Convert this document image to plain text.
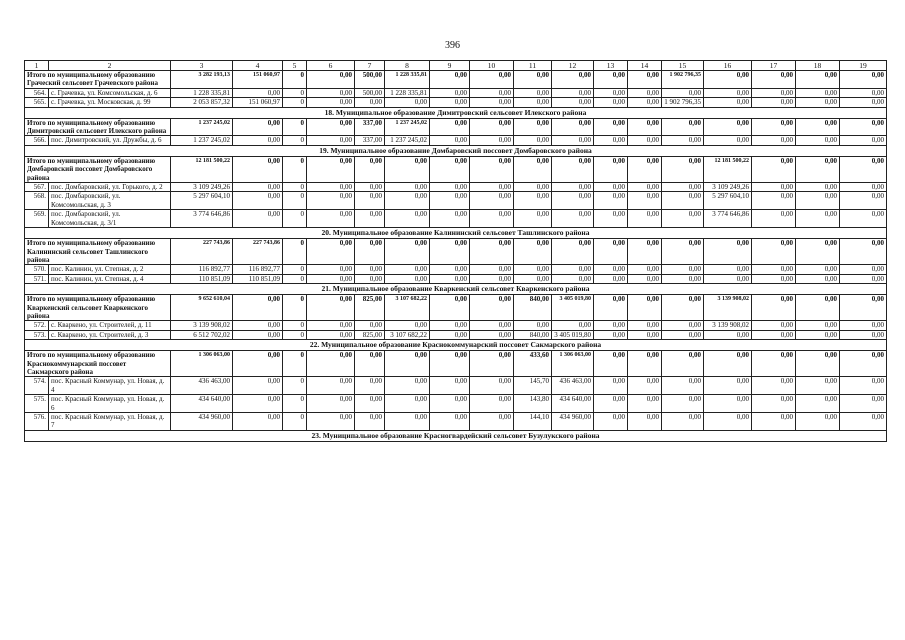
396
1	2	3	4	5	6	7	8	9	10	11	12	13	14	15	16	17	18	19
Итого по муниципальному образованию Граческий сельсовет Грачевского района		3 282 193,13	151 060,97	0	0,00	500,00	1 228 335,81	0,00	0,00	0,00	0,00	0,00	0,00	1 902 796,35	0,00	0,00	0,00	0,00
564.	с. Грачевка, ул. Комсомольская, д. 6	1 228 335,81	0,00	0	0,00	500,00	1 228 335,81	0,00	0,00	0,00	0,00	0,00	0,00	0,00	0,00	0,00	0,00	0,00
565.	с. Грачевка, ул. Московская, д. 99	2 053 857,32	151 060,97	0	0,00	0,00	0,00	0,00	0,00	0,00	0,00	0,00	0,00	1 902 796,35	0,00	0,00	0,00	0,00
18. Муниципальное образование Димитровский сельсовет Илекского района																		
Итого по муниципальному образованию Димитровский сельсовет Илекского района		1 237 245,02	0,00	0	0,00	337,00	1 237 245,02	0,00	0,00	0,00	0,00	0,00	0,00	0,00	0,00	0,00	0,00	0,00
566.	пос. Димитровский, ул. Дружбы, д. 6	1 237 245,02	0,00	0	0,00	337,00	1 237 245,02	0,00	0,00	0,00	0,00	0,00	0,00	0,00	0,00	0,00	0,00	0,00
19. Муниципальное образование Домбаровский поссовет Домбаровского района																		
Итого по муниципальному образованию Домбаровский поссовет Домбаровского района		12 181 500,22	0,00	0	0,00	0,00	0,00	0,00	0,00	0,00	0,00	0,00	0,00	0,00	12 181 500,22	0,00	0,00	0,00
567.	пос. Домбаровский, ул. Горького, д. 2	3 109 249,26	0,00	0	0,00	0,00	0,00	0,00	0,00	0,00	0,00	0,00	0,00	0,00	3 109 249,26	0,00	0,00	0,00
568.	пос. Домбаровский, ул. Комсомольская, д. 3	5 297 604,10	0,00	0	0,00	0,00	0,00	0,00	0,00	0,00	0,00	0,00	0,00	0,00	5 297 604,10	0,00	0,00	0,00
569.	пос. Домбаровский, ул. Комсомольская, д. 3/1	3 774 646,86	0,00	0	0,00	0,00	0,00	0,00	0,00	0,00	0,00	0,00	0,00	0,00	3 774 646,86	0,00	0,00	0,00
20. Муниципальное образование Калининский сельсовет Ташлинского района																		
Итого по муниципальному образованию Калининский сельсовет Ташлинского района		227 743,86	227 743,86	0	0,00	0,00	0,00	0,00	0,00	0,00	0,00	0,00	0,00	0,00	0,00	0,00	0,00	0,00
570.	пос. Калинин, ул. Степная, д. 2	116 892,77	116 892,77	0	0,00	0,00	0,00	0,00	0,00	0,00	0,00	0,00	0,00	0,00	0,00	0,00	0,00	0,00
571.	пос. Калинин, ул. Степная, д. 4	110 851,09	110 851,09	0	0,00	0,00	0,00	0,00	0,00	0,00	0,00	0,00	0,00	0,00	0,00	0,00	0,00	0,00
21. Муниципальное образование Кваркенский сельсовет Кваркенского района																		
Итого по муниципальному образованию Кваркенский сельсовет Кваркенского района		9 652 610,04	0,00	0	0,00	825,00	3 107 682,22	0,00	0,00	840,00	3 405 019,80	0,00	0,00	0,00	3 139 908,02	0,00	0,00	0,00
572.	с. Кваркено, ул. Строителей, д. 11	3 139 908,02	0,00	0	0,00	0,00	0,00	0,00	0,00	0,00	0,00	0,00	0,00	0,00	3 139 908,02	0,00	0,00	0,00
573.	с. Кваркено, ул. Строителей, д. 3	6 512 702,02	0,00	0	0,00	825,00	3 107 682,22	0,00	0,00	840,00	3 405 019,80	0,00	0,00	0,00	0,00	0,00	0,00	0,00
22. Муниципальное образование Краснокоммунарский поссовет Сакмарского района																		
Итого по муниципальному образованию Краснокоммунарский поссовет Сакмарского района		1 306 063,00	0,00	0	0,00	0,00	0,00	0,00	0,00	433,60	1 306 063,00	0,00	0,00	0,00	0,00	0,00	0,00	0,00
574.	пос. Красный Коммунар, ул. Новая, д. 4	436 463,00	0,00	0	0,00	0,00	0,00	0,00	0,00	145,70	436 463,00	0,00	0,00	0,00	0,00	0,00	0,00	0,00
575.	пос. Красный Коммунар, ул. Новая, д. 6	434 640,00	0,00	0	0,00	0,00	0,00	0,00	0,00	143,80	434 640,00	0,00	0,00	0,00	0,00	0,00	0,00	0,00
576.	пос. Красный Коммунар, ул. Новая, д. 7	434 960,00	0,00	0	0,00	0,00	0,00	0,00	0,00	144,10	434 960,00	0,00	0,00	0,00	0,00	0,00	0,00	0,00
23. Муниципальное образование Красногвардейский сельсовет Бузулукского района																		
